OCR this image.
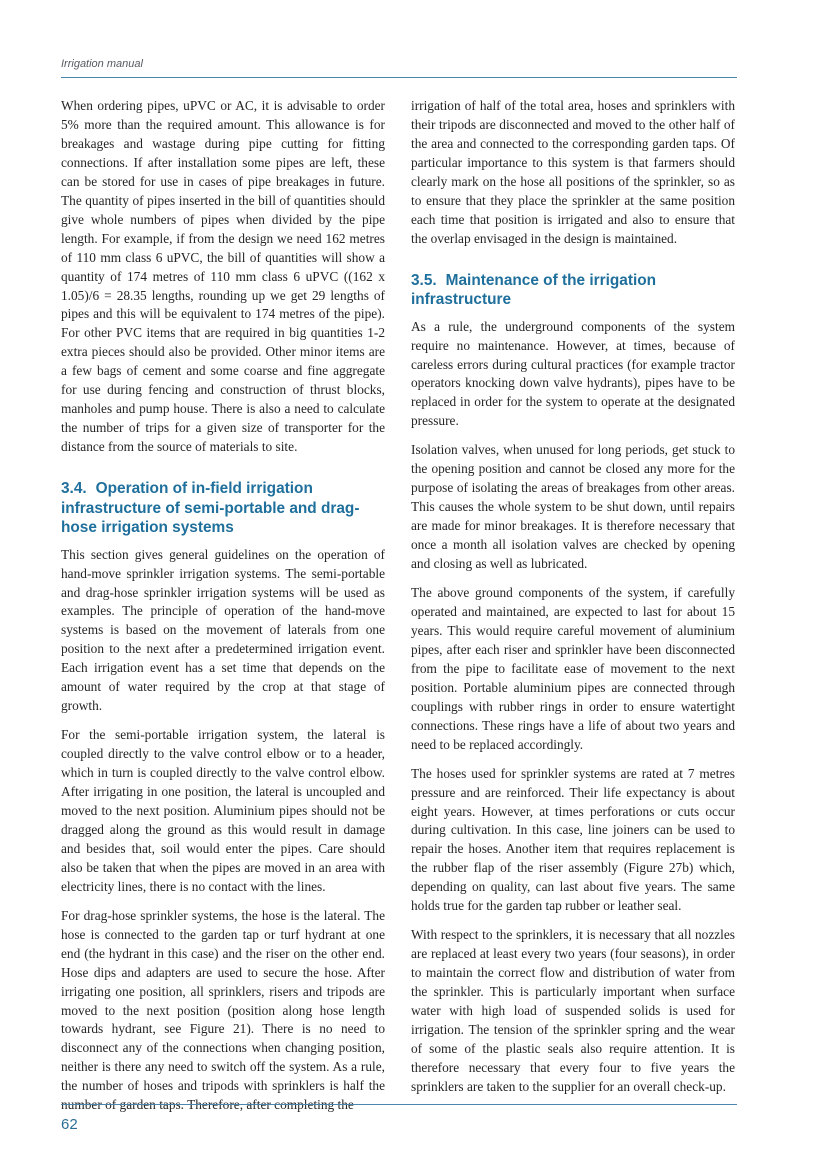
Irrigation manual

When ordering pipes, uPVC or AC, it is advisable to order 5% more than the required amount. This allowance is for breakages and wastage during pipe cutting for fitting connections. If after installation some pipes are left, these can be stored for use in cases of pipe breakages in future. The quantity of pipes inserted in the bill of quantities should give whole numbers of pipes when divided by the pipe length. For example, if from the design we need 162 metres of 110 mm class 6 uPVC, the bill of quantities will show a quantity of 174 metres of 110 mm class 6 uPVC ((162 x 1.05)/6 = 28.35 lengths, rounding up we get 29 lengths of pipes and this will be equivalent to 174 metres of the pipe). For other PVC items that are required in big quantities 1-2 extra pieces should also be provided. Other minor items are a few bags of cement and some coarse and fine aggregate for use during fencing and construction of thrust blocks, manholes and pump house. There is also a need to calculate the number of trips for a given size of transporter for the distance from the source of materials to site.

3.4. Operation of in-field irrigation infrastructure of semi-portable and drag-hose irrigation systems

This section gives general guidelines on the operation of hand-move sprinkler irrigation systems. The semi-portable and drag-hose sprinkler irrigation systems will be used as examples. The principle of operation of the hand-move systems is based on the movement of laterals from one position to the next after a predetermined irrigation event. Each irrigation event has a set time that depends on the amount of water required by the crop at that stage of growth.

For the semi-portable irrigation system, the lateral is coupled directly to the valve control elbow or to a header, which in turn is coupled directly to the valve control elbow. After irrigating in one position, the lateral is uncoupled and moved to the next position. Aluminium pipes should not be dragged along the ground as this would result in damage and besides that, soil would enter the pipes. Care should also be taken that when the pipes are moved in an area with electricity lines, there is no contact with the lines.

For drag-hose sprinkler systems, the hose is the lateral. The hose is connected to the garden tap or turf hydrant at one end (the hydrant in this case) and the riser on the other end. Hose dips and adapters are used to secure the hose. After irrigating one position, all sprinklers, risers and tripods are moved to the next position (position along hose length towards hydrant, see Figure 21). There is no need to disconnect any of the connections when changing position, neither is there any need to switch off the system. As a rule, the number of hoses and tripods with sprinklers is half the number of garden taps. Therefore, after completing the

irrigation of half of the total area, hoses and sprinklers with their tripods are disconnected and moved to the other half of the area and connected to the corresponding garden taps. Of particular importance to this system is that farmers should clearly mark on the hose all positions of the sprinkler, so as to ensure that they place the sprinkler at the same position each time that position is irrigated and also to ensure that the overlap envisaged in the design is maintained.

3.5. Maintenance of the irrigation infrastructure

As a rule, the underground components of the system require no maintenance. However, at times, because of careless errors during cultural practices (for example tractor operators knocking down valve hydrants), pipes have to be replaced in order for the system to operate at the designated pressure.

Isolation valves, when unused for long periods, get stuck to the opening position and cannot be closed any more for the purpose of isolating the areas of breakages from other areas. This causes the whole system to be shut down, until repairs are made for minor breakages. It is therefore necessary that once a month all isolation valves are checked by opening and closing as well as lubricated.

The above ground components of the system, if carefully operated and maintained, are expected to last for about 15 years. This would require careful movement of aluminium pipes, after each riser and sprinkler have been disconnected from the pipe to facilitate ease of movement to the next position. Portable aluminium pipes are connected through couplings with rubber rings in order to ensure watertight connections. These rings have a life of about two years and need to be replaced accordingly.

The hoses used for sprinkler systems are rated at 7 metres pressure and are reinforced. Their life expectancy is about eight years. However, at times perforations or cuts occur during cultivation. In this case, line joiners can be used to repair the hoses. Another item that requires replacement is the rubber flap of the riser assembly (Figure 27b) which, depending on quality, can last about five years. The same holds true for the garden tap rubber or leather seal.

With respect to the sprinklers, it is necessary that all nozzles are replaced at least every two years (four seasons), in order to maintain the correct flow and distribution of water from the sprinkler. This is particularly important when surface water with high load of suspended solids is used for irrigation. The tension of the sprinkler spring and the wear of some of the plastic seals also require attention. It is therefore necessary that every four to five years the sprinklers are taken to the supplier for an overall check-up.

62
